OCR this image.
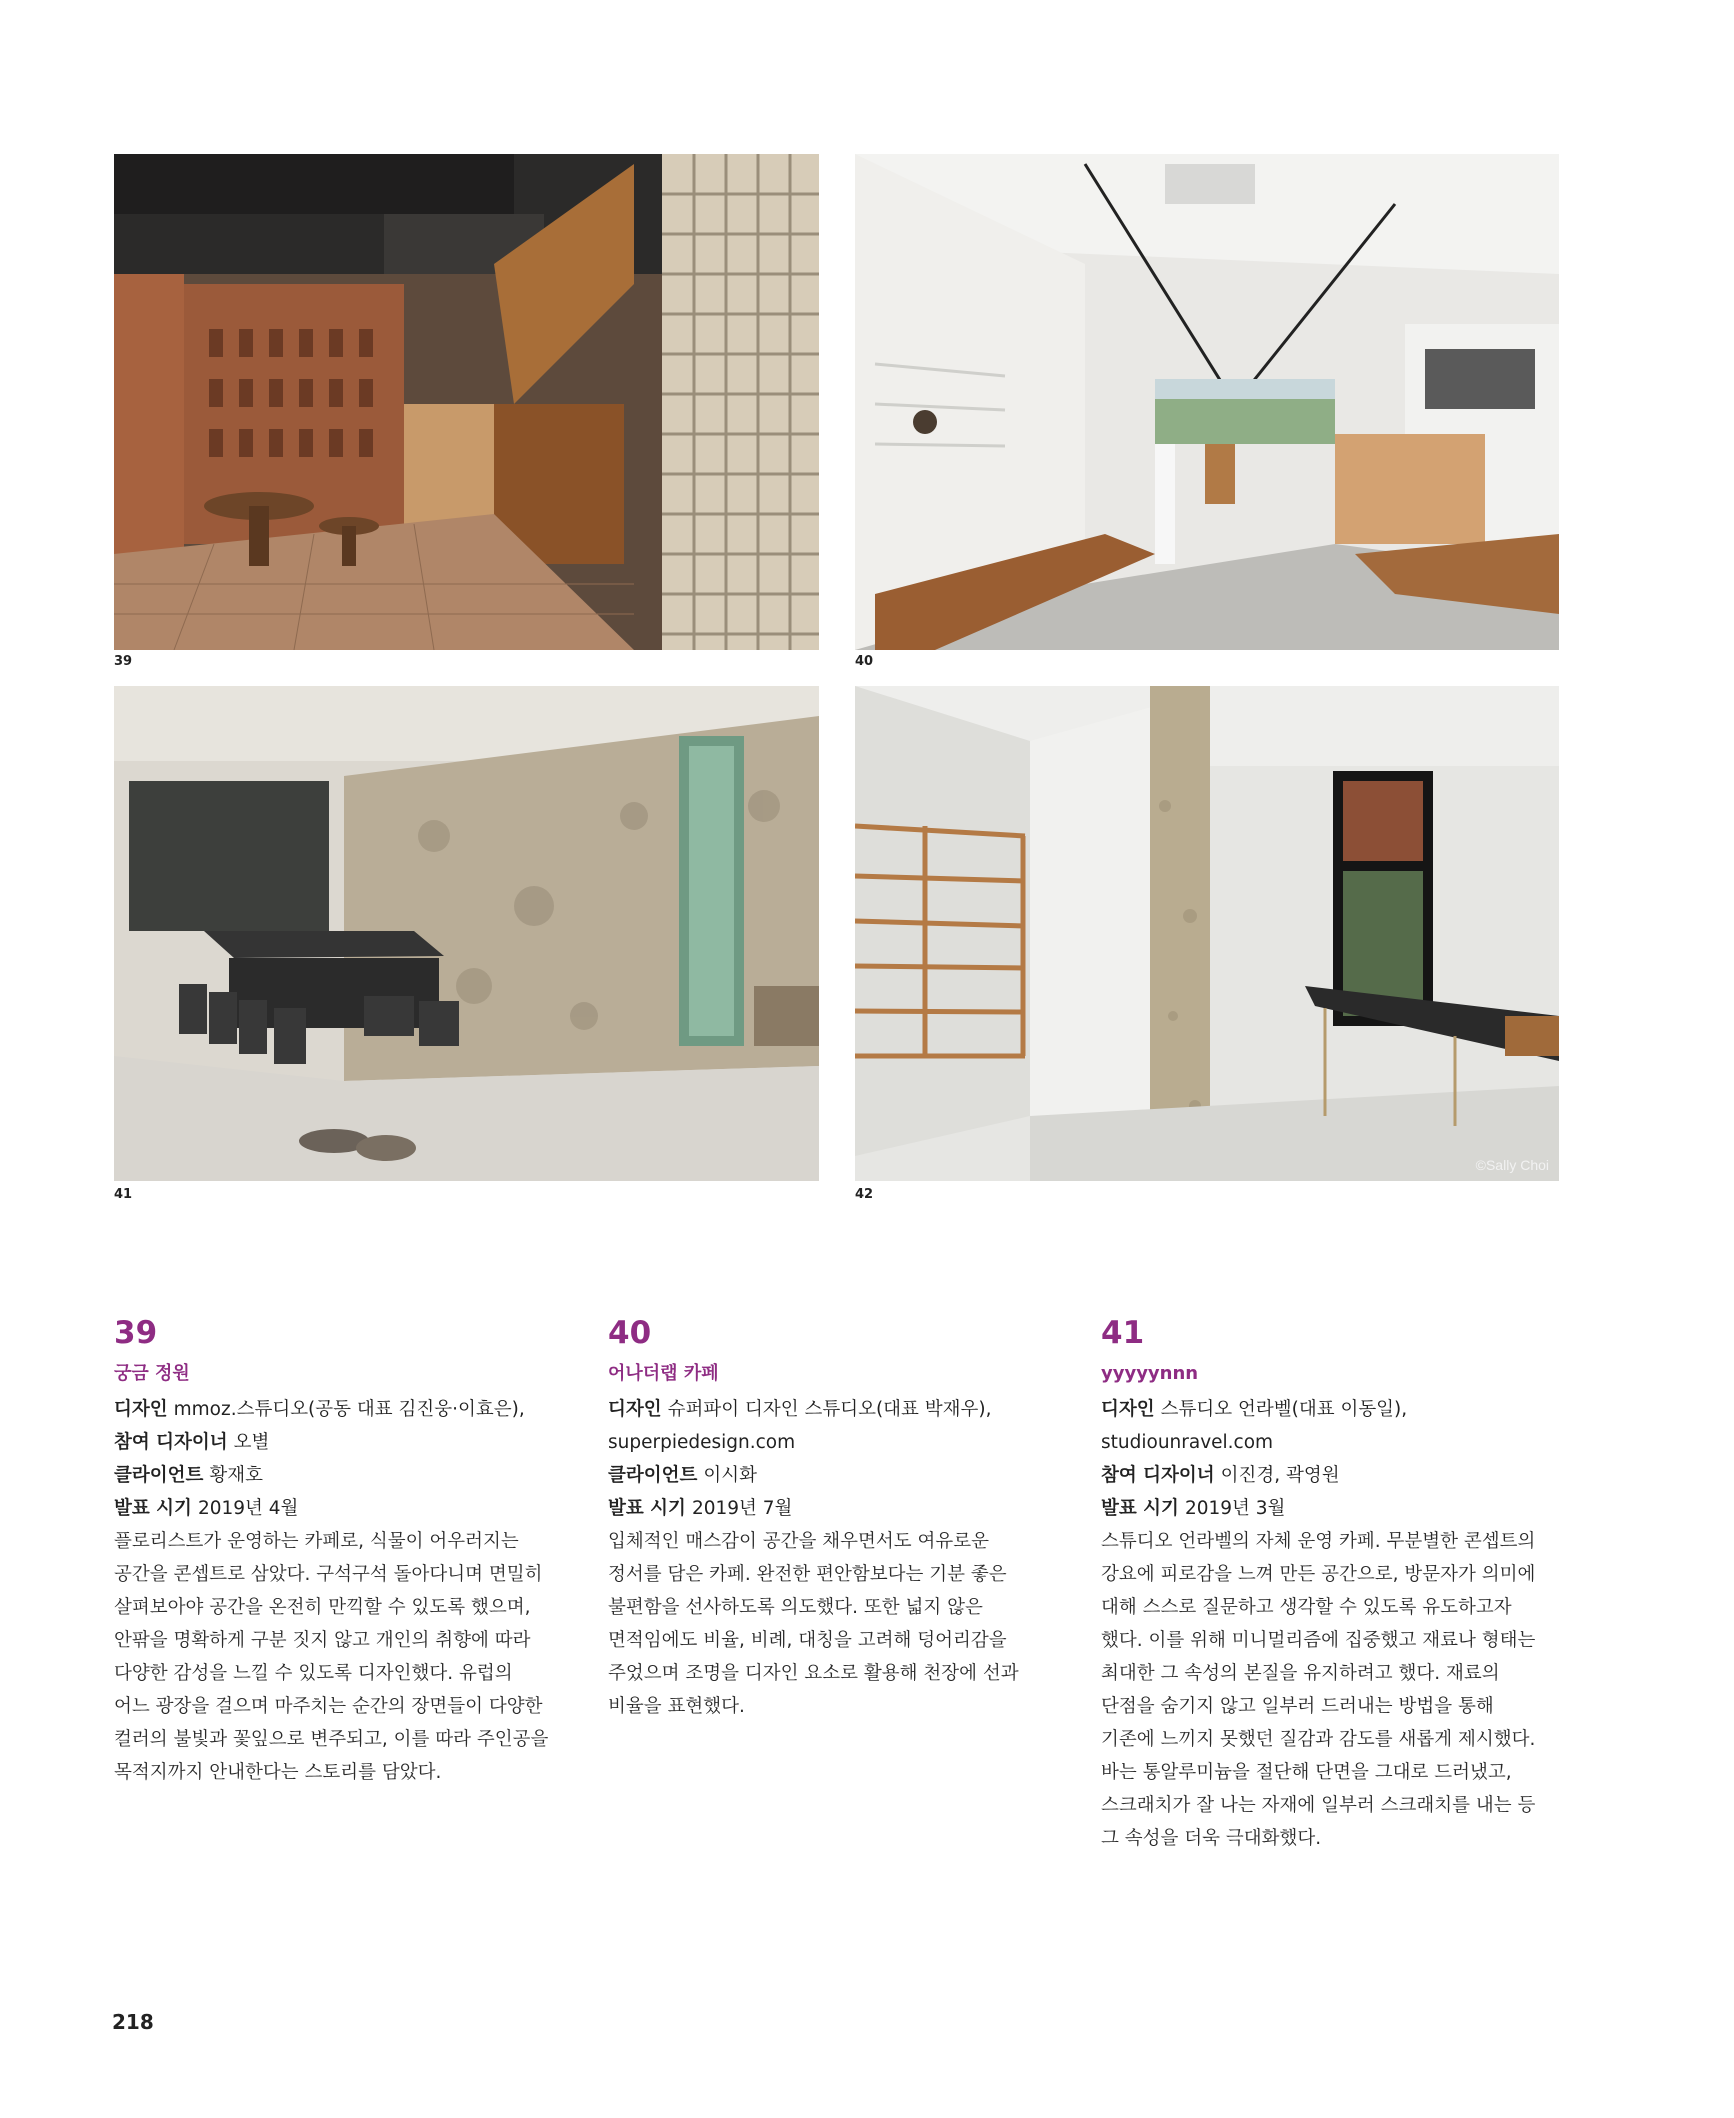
39	40
41
©Sally Choi
42
39
궁금 정원
디자인 mmoz.스튜디오(공동 대표 김진웅·이효은),
참여 디자이너 오별
클라이언트 황재호
발표 시기 2019년 4월
플로리스트가 운영하는 카페로, 식물이 어우러지는
공간을 콘셉트로 삼았다. 구석구석 돌아다니며 면밀히
살펴보아야 공간을 온전히 만끽할 수 있도록 했으며,
안팎을 명확하게 구분 짓지 않고 개인의 취향에 따라
다양한 감성을 느낄 수 있도록 디자인했다. 유럽의
어느 광장을 걸으며 마주치는 순간의 장면들이 다양한
컬러의 불빛과 꽃잎으로 변주되고, 이를 따라 주인공을
목적지까지 안내한다는 스토리를 담았다.
40
어나더랩 카페
디자인 슈퍼파이 디자인 스튜디오(대표 박재우),
superpiedesign.com
클라이언트 이시화
발표 시기 2019년 7월
입체적인 매스감이 공간을 채우면서도 여유로운
정서를 담은 카페. 완전한 편안함보다는 기분 좋은
불편함을 선사하도록 의도했다. 또한 넓지 않은
면적임에도 비율, 비례, 대칭을 고려해 덩어리감을
주었으며 조명을 디자인 요소로 활용해 천장에 선과
비율을 표현했다.
41
yyyyynnn
디자인 스튜디오 언라벨(대표 이동일),
studiounravel.com
참여 디자이너 이진경, 곽영원
발표 시기 2019년 3월
스튜디오 언라벨의 자체 운영 카페. 무분별한 콘셉트의
강요에 피로감을 느껴 만든 공간으로, 방문자가 의미에
대해 스스로 질문하고 생각할 수 있도록 유도하고자
했다. 이를 위해 미니멀리즘에 집중했고 재료나 형태는
최대한 그 속성의 본질을 유지하려고 했다. 재료의
단점을 숨기지 않고 일부러 드러내는 방법을 통해
기존에 느끼지 못했던 질감과 감도를 새롭게 제시했다.
바는 통알루미늄을 절단해 단면을 그대로 드러냈고,
스크래치가 잘 나는 자재에 일부러 스크래치를 내는 등
그 속성을 더욱 극대화했다.
218
